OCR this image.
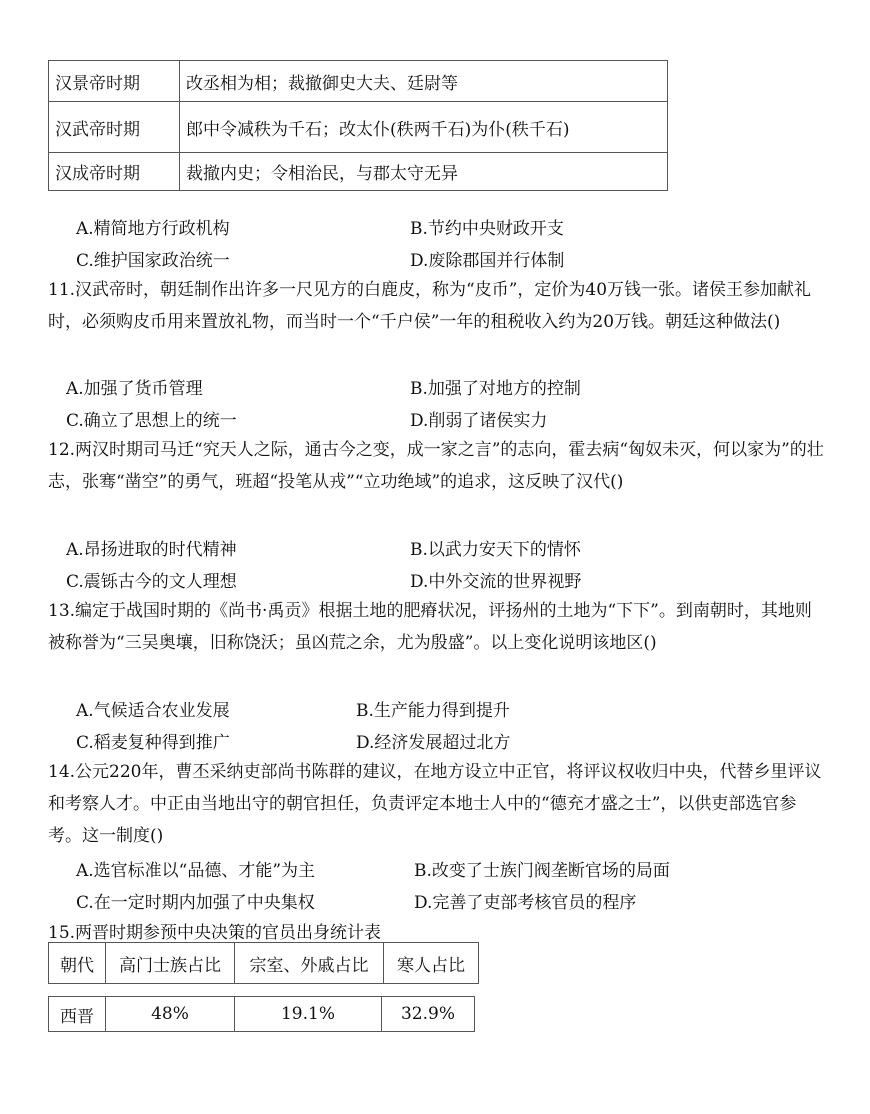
汉景帝时期	改丞相为相；裁撤御史大夫、廷尉等
汉武帝时期	郎中令减秩为千石；改太仆(秩两千石)为仆(秩千石)
汉成帝时期	裁撤内史；令相治民，与郡太守无异
A.精简地方行政机构	B.节约中央财政开支
C.维护国家政治统一	D.废除郡国并行体制
11.汉武帝时，朝廷制作出许多一尺见方的白鹿皮，称为“皮币”，定价为40万钱一张。诸侯王参加献礼时，必须购皮币用来置放礼物，而当时一个“千户侯”一年的租税收入约为20万钱。朝廷这种做法()
A.加强了货币管理	B.加强了对地方的控制
C.确立了思想上的统一	D.削弱了诸侯实力
12.两汉时期司马迁“究天人之际，通古今之变，成一家之言”的志向，霍去病“匈奴未灭，何以家为”的壮志，张骞“凿空”的勇气，班超“投笔从戎”“立功绝域”的追求，这反映了汉代()
A.昂扬进取的时代精神	B.以武力安天下的情怀
C.震铄古今的文人理想	D.中外交流的世界视野
13.编定于战国时期的《尚书·禹贡》根据土地的肥瘠状况，评扬州的土地为“下下”。到南朝时，其地则被称誉为“三吴奥壤，旧称饶沃；虽凶荒之余，尤为殷盛”。以上变化说明该地区()
A.气候适合农业发展	B.生产能力得到提升
C.稻麦复种得到推广	D.经济发展超过北方
14.公元220年，曹丕采纳吏部尚书陈群的建议，在地方设立中正官，将评议权收归中央，代替乡里评议和考察人才。中正由当地出守的朝官担任，负责评定本地士人中的“德充才盛之士”，以供吏部选官参考。这一制度()
A.选官标准以“品德、才能”为主	B.改变了士族门阀垄断官场的局面
C.在一定时期内加强了中央集权	D.完善了吏部考核官员的程序
15.两晋时期参预中央决策的官员出身统计表
朝代	高门士族占比	宗室、外戚占比	寒人占比
西晋	48%	19.1%	32.9%
